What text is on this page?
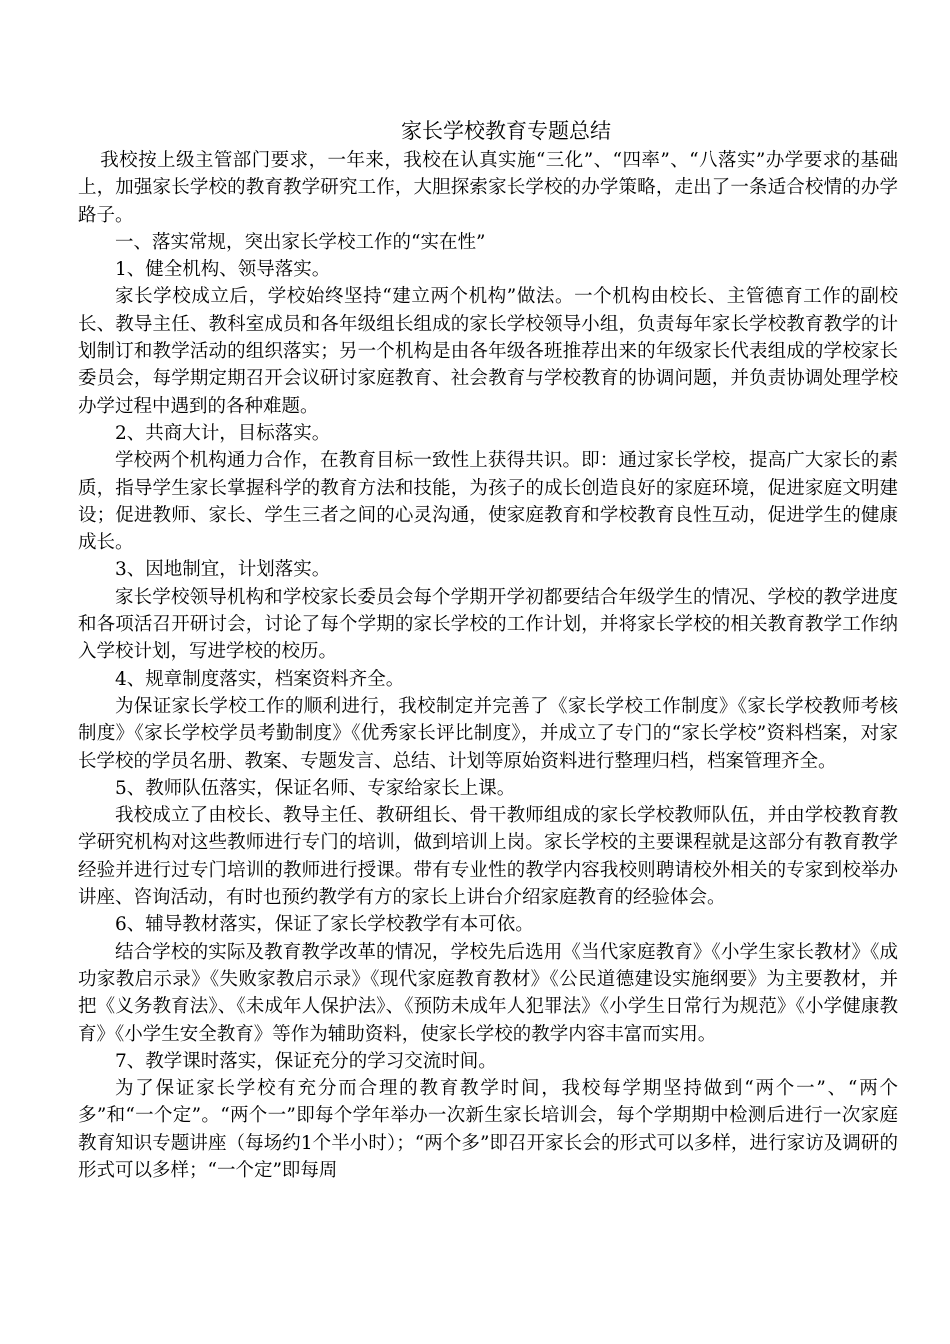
家长学校教育专题总结

我校按上级主管部门要求，一年来，我校在认真实施“三化”、“四率”、“八落实”办学要求的基础上，加强家长学校的教育教学研究工作，大胆探索家长学校的办学策略，走出了一条适合校情的办学路子。

一、落实常规，突出家长学校工作的“实在性”

1、健全机构、领导落实。

家长学校成立后，学校始终坚持“建立两个机构”做法。一个机构由校长、主管德育工作的副校长、教导主任、教科室成员和各年级组长组成的家长学校领导小组，负责每年家长学校教育教学的计划制订和教学活动的组织落实；另一个机构是由各年级各班推荐出来的年级家长代表组成的学校家长委员会，每学期定期召开会议研讨家庭教育、社会教育与学校教育的协调问题，并负责协调处理学校办学过程中遇到的各种难题。

2、共商大计，目标落实。

学校两个机构通力合作，在教育目标一致性上获得共识。即：通过家长学校，提高广大家长的素质，指导学生家长掌握科学的教育方法和技能，为孩子的成长创造良好的家庭环境，促进家庭文明建设；促进教师、家长、学生三者之间的心灵沟通，使家庭教育和学校教育良性互动，促进学生的健康成长。

3、因地制宜，计划落实。

家长学校领导机构和学校家长委员会每个学期开学初都要结合年级学生的情况、学校的教学进度和各项活召开研讨会，讨论了每个学期的家长学校的工作计划，并将家长学校的相关教育教学工作纳入学校计划，写进学校的校历。

4、规章制度落实，档案资料齐全。

为保证家长学校工作的顺利进行，我校制定并完善了《家长学校工作制度》《家长学校教师考核制度》《家长学校学员考勤制度》《优秀家长评比制度》，并成立了专门的“家长学校”资料档案，对家长学校的学员名册、教案、专题发言、总结、计划等原始资料进行整理归档，档案管理齐全。

5、教师队伍落实，保证名师、专家给家长上课。

我校成立了由校长、教导主任、教研组长、骨干教师组成的家长学校教师队伍，并由学校教育教学研究机构对这些教师进行专门的培训，做到培训上岗。家长学校的主要课程就是这部分有教育教学经验并进行过专门培训的教师进行授课。带有专业性的教学内容我校则聘请校外相关的专家到校举办讲座、咨询活动，有时也预约教学有方的家长上讲台介绍家庭教育的经验体会。

6、辅导教材落实，保证了家长学校教学有本可依。

结合学校的实际及教育教学改革的情况，学校先后选用《当代家庭教育》《小学生家长教材》《成功家教启示录》《失败家教启示录》《现代家庭教育教材》《公民道德建设实施纲要》为主要教材，并把《义务教育法》、《未成年人保护法》、《预防未成年人犯罪法》《小学生日常行为规范》《小学健康教育》《小学生安全教育》等作为辅助资料，使家长学校的教学内容丰富而实用。

7、教学课时落实，保证充分的学习交流时间。

为了保证家长学校有充分而合理的教育教学时间，我校每学期坚持做到“两个一”、“两个多”和“一个定”。“两个一”即每个学年举办一次新生家长培训会，每个学期期中检测后进行一次家庭教育知识专题讲座（每场约1个半小时）；“两个多”即召开家长会的形式可以多样，进行家访及调研的形式可以多样；“一个定”即每周
